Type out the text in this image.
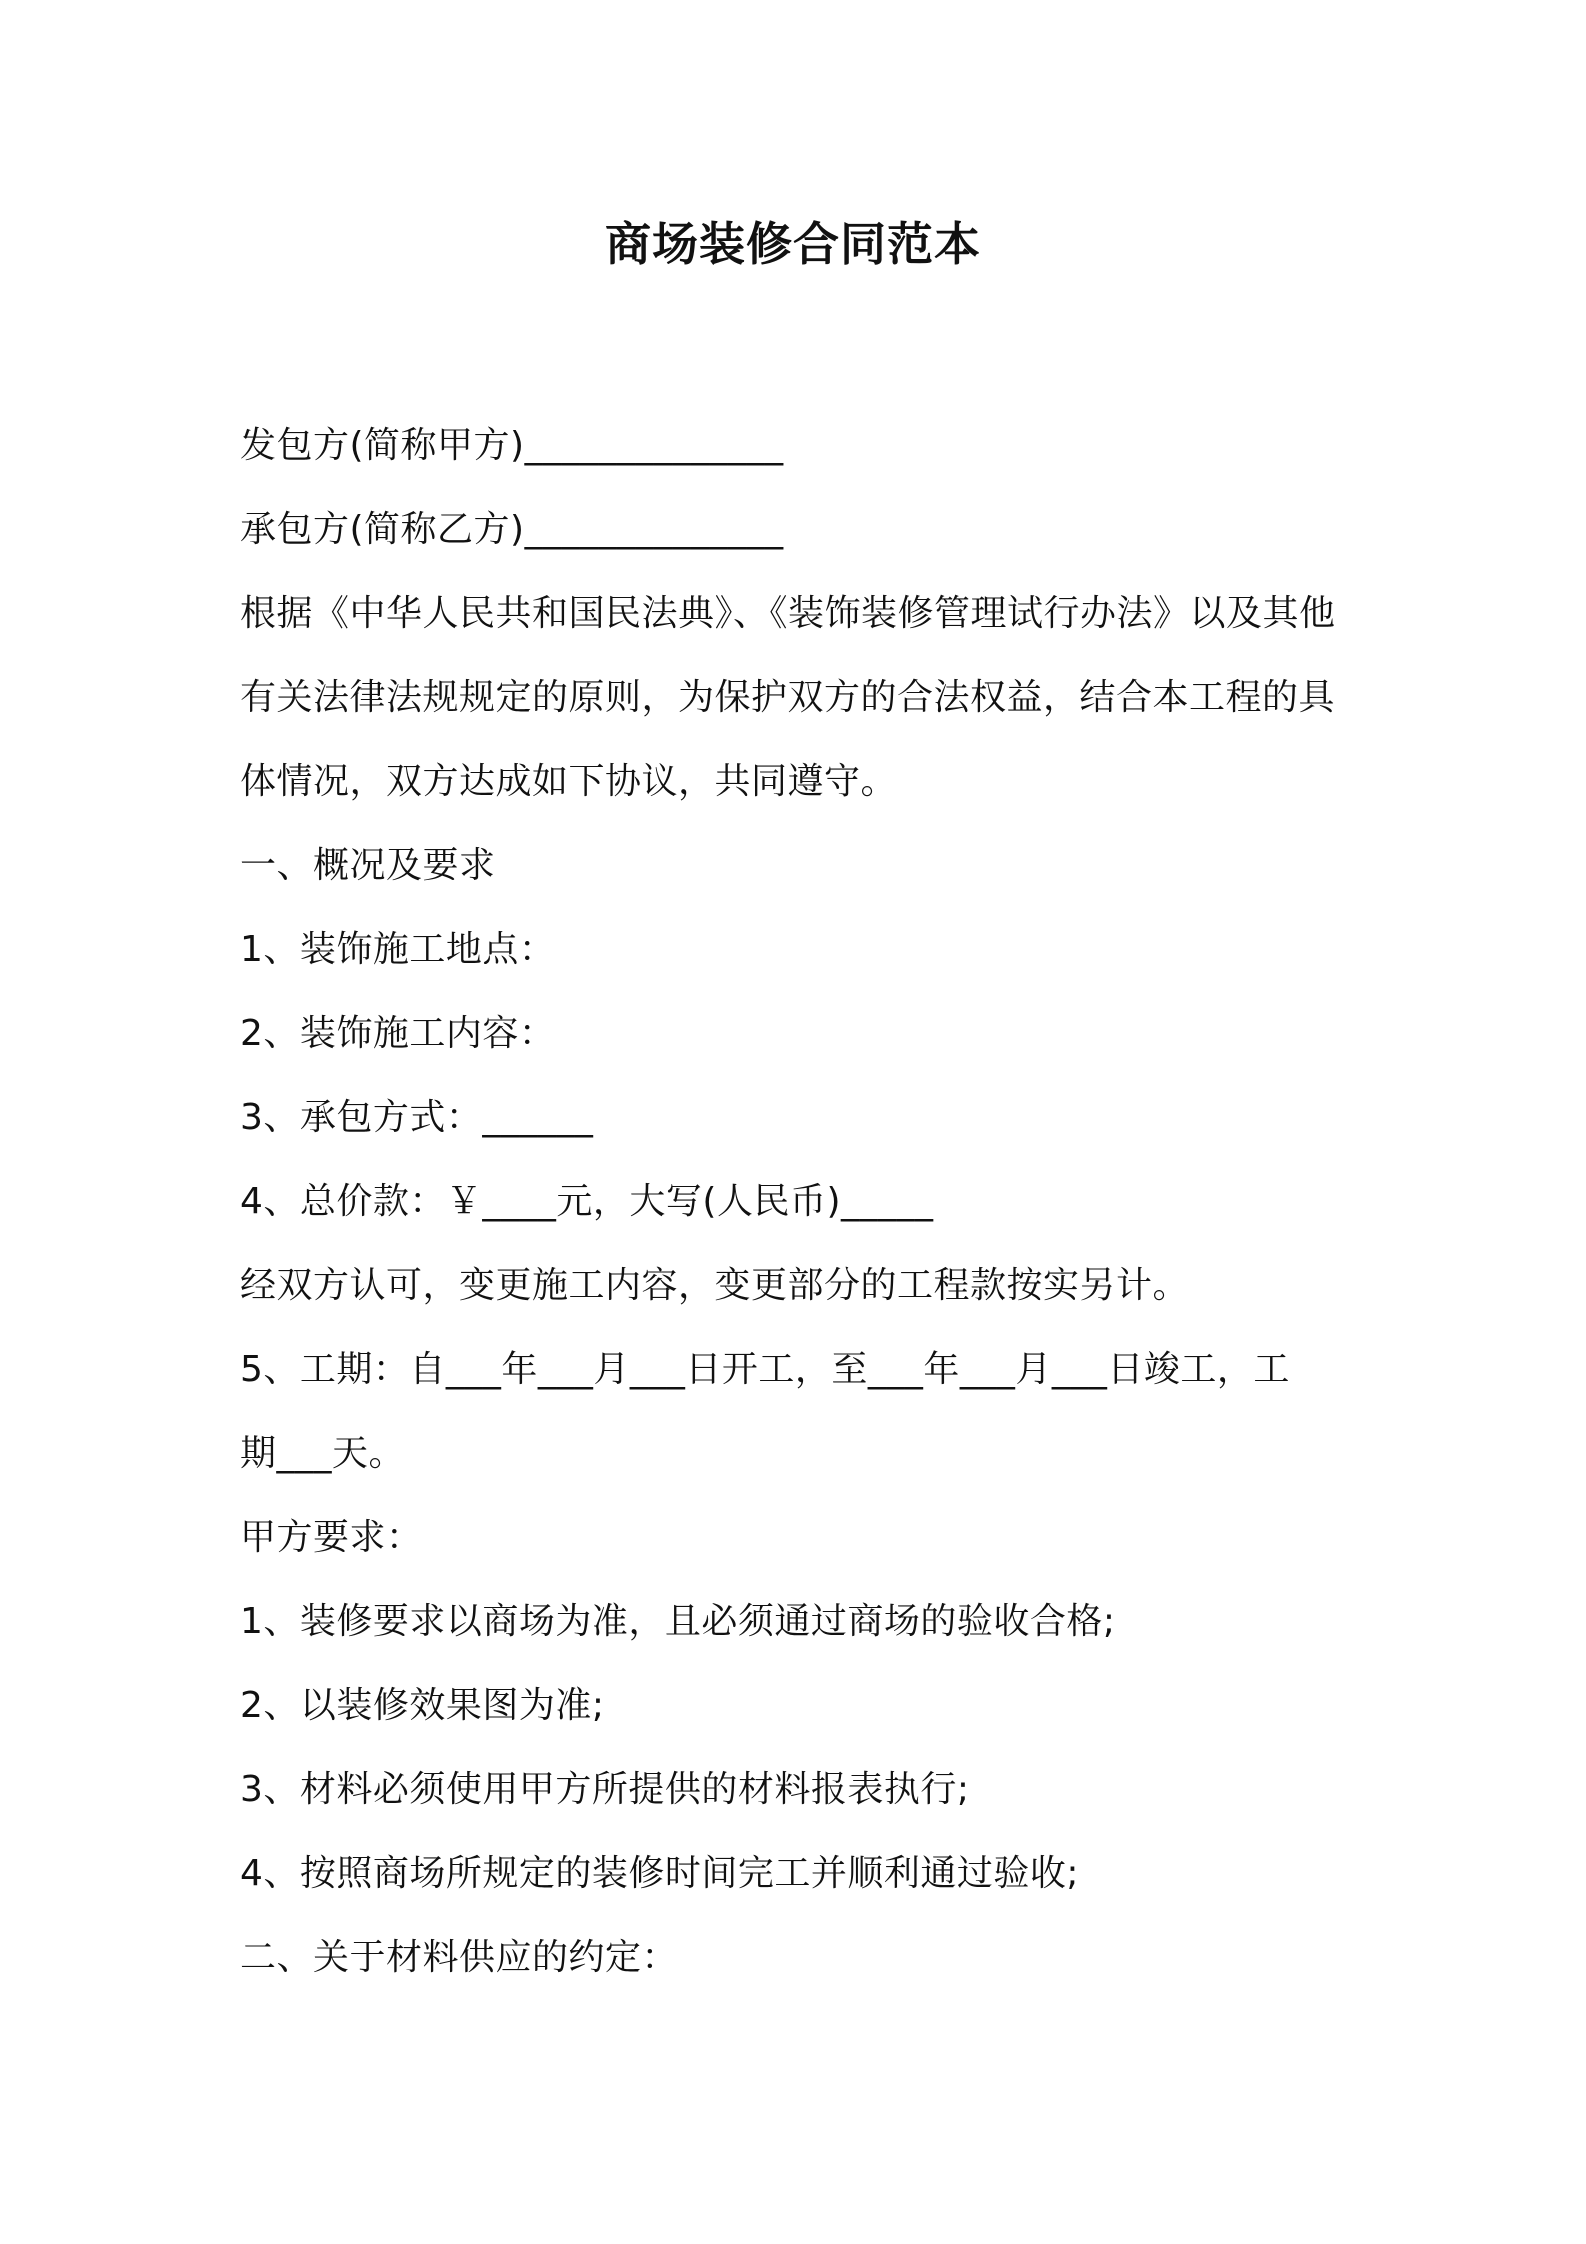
商场装修合同范本
发包方(简称甲方)______________
承包方(简称乙方)______________
根据《中华人民共和国民法典》、《装饰装修管理试行办法》以及其他
有关法律法规规定的原则，为保护双方的合法权益，结合本工程的具
体情况，双方达成如下协议，共同遵守。
一、概况及要求
1、装饰施工地点：
2、装饰施工内容：
3、承包方式：______
4、总价款：￥____元，大写(人民币)_____
经双方认可，变更施工内容，变更部分的工程款按实另计。
5、工期：自___年___月___日开工，至___年___月___日竣工，工
期___天。
甲方要求：
1、装修要求以商场为准，且必须通过商场的验收合格;
2、以装修效果图为准;
3、材料必须使用甲方所提供的材料报表执行;
4、按照商场所规定的装修时间完工并顺利通过验收;
二、关于材料供应的约定：
